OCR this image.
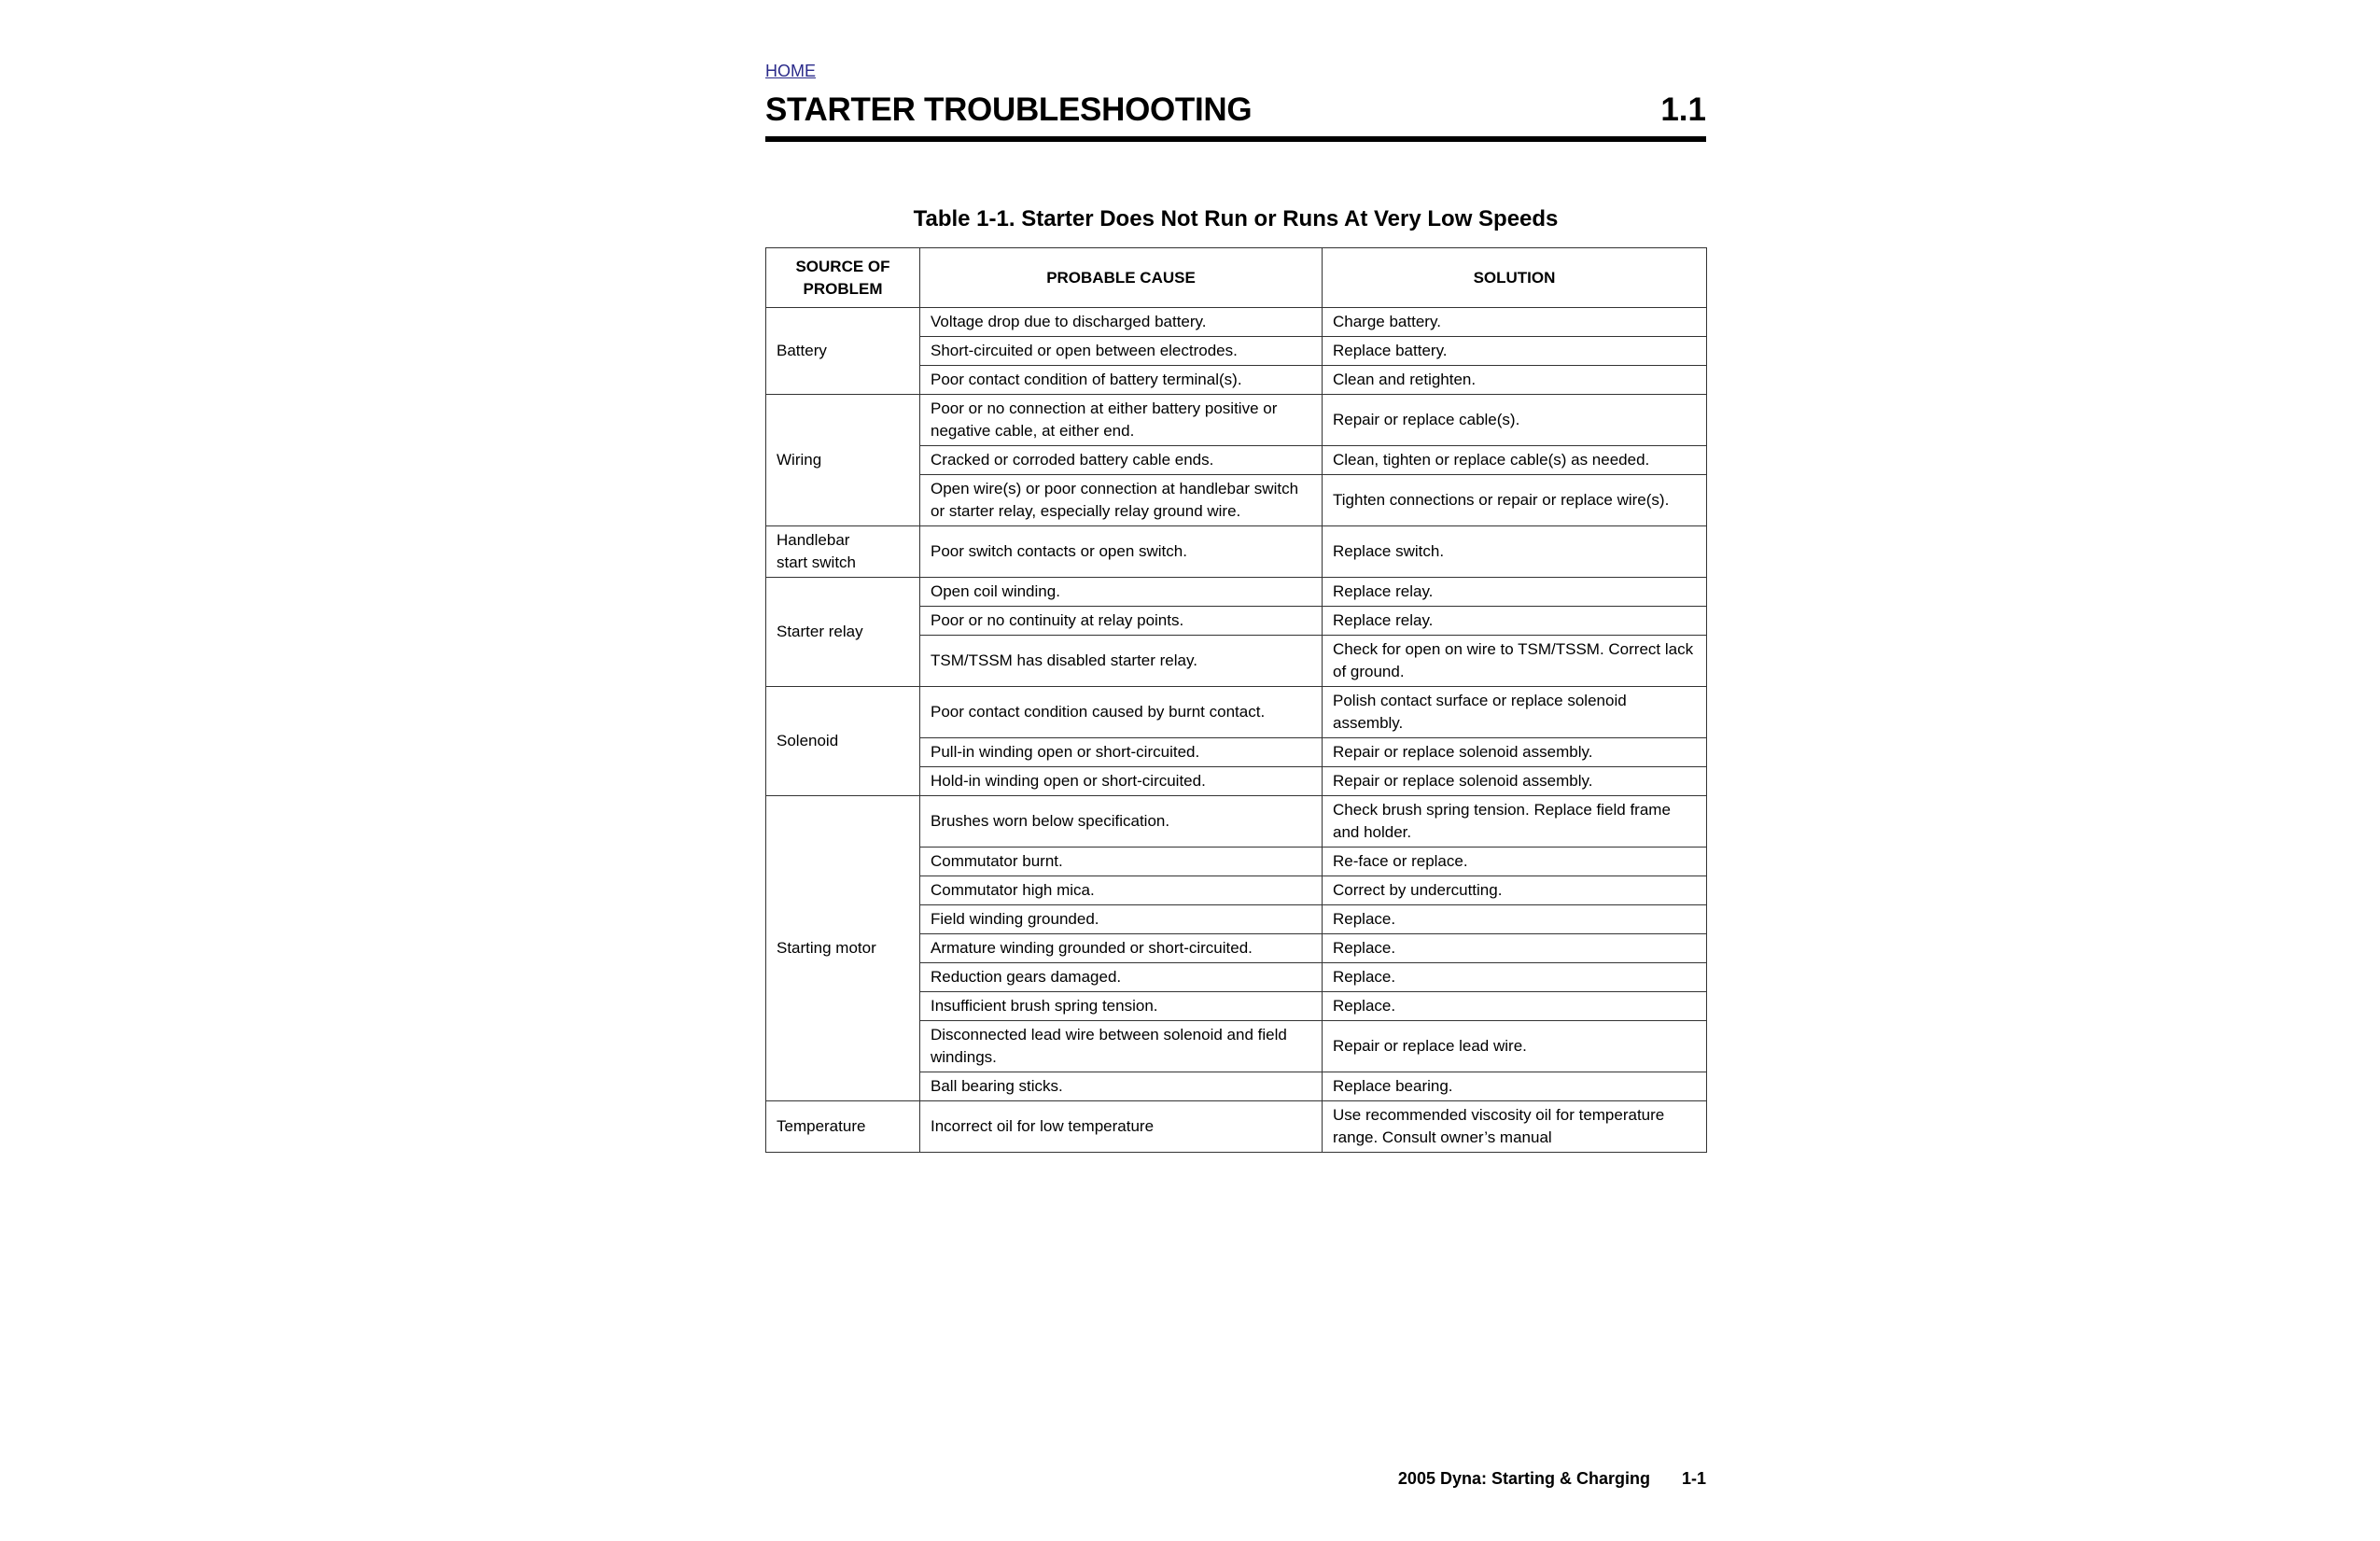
HOME
STARTER TROUBLESHOOTING	1.1
Table 1-1. Starter Does Not Run or Runs At Very Low Speeds
SOURCE OF PROBLEM	PROBABLE CAUSE	SOLUTION
Battery	Voltage drop due to discharged battery.	Charge battery.
	Short-circuited or open between electrodes.	Replace battery.
	Poor contact condition of battery terminal(s).	Clean and retighten.
Wiring	Poor or no connection at either battery positive or negative cable, at either end.	Repair or replace cable(s).
	Cracked or corroded battery cable ends.	Clean, tighten or replace cable(s) as needed.
	Open wire(s) or poor connection at handlebar switch or starter relay, especially relay ground wire.	Tighten connections or repair or replace wire(s).
Handlebar start switch	Poor switch contacts or open switch.	Replace switch.
Starter relay	Open coil winding.	Replace relay.
	Poor or no continuity at relay points.	Replace relay.
	TSM/TSSM has disabled starter relay.	Check for open on wire to TSM/TSSM. Correct lack of ground.
Solenoid	Poor contact condition caused by burnt contact.	Polish contact surface or replace solenoid assembly.
	Pull-in winding open or short-circuited.	Repair or replace solenoid assembly.
	Hold-in winding open or short-circuited.	Repair or replace solenoid assembly.
Starting motor	Brushes worn below specification.	Check brush spring tension. Replace field frame and holder.
	Commutator burnt.	Re-face or replace.
	Commutator high mica.	Correct by undercutting.
	Field winding grounded.	Replace.
	Armature winding grounded or short-circuited.	Replace.
	Reduction gears damaged.	Replace.
	Insufficient brush spring tension.	Replace.
	Disconnected lead wire between solenoid and field windings.	Repair or replace lead wire.
	Ball bearing sticks.	Replace bearing.
Temperature	Incorrect oil for low temperature	Use recommended viscosity oil for temperature range. Consult owner’s manual
2005 Dyna: Starting & Charging 1-1
